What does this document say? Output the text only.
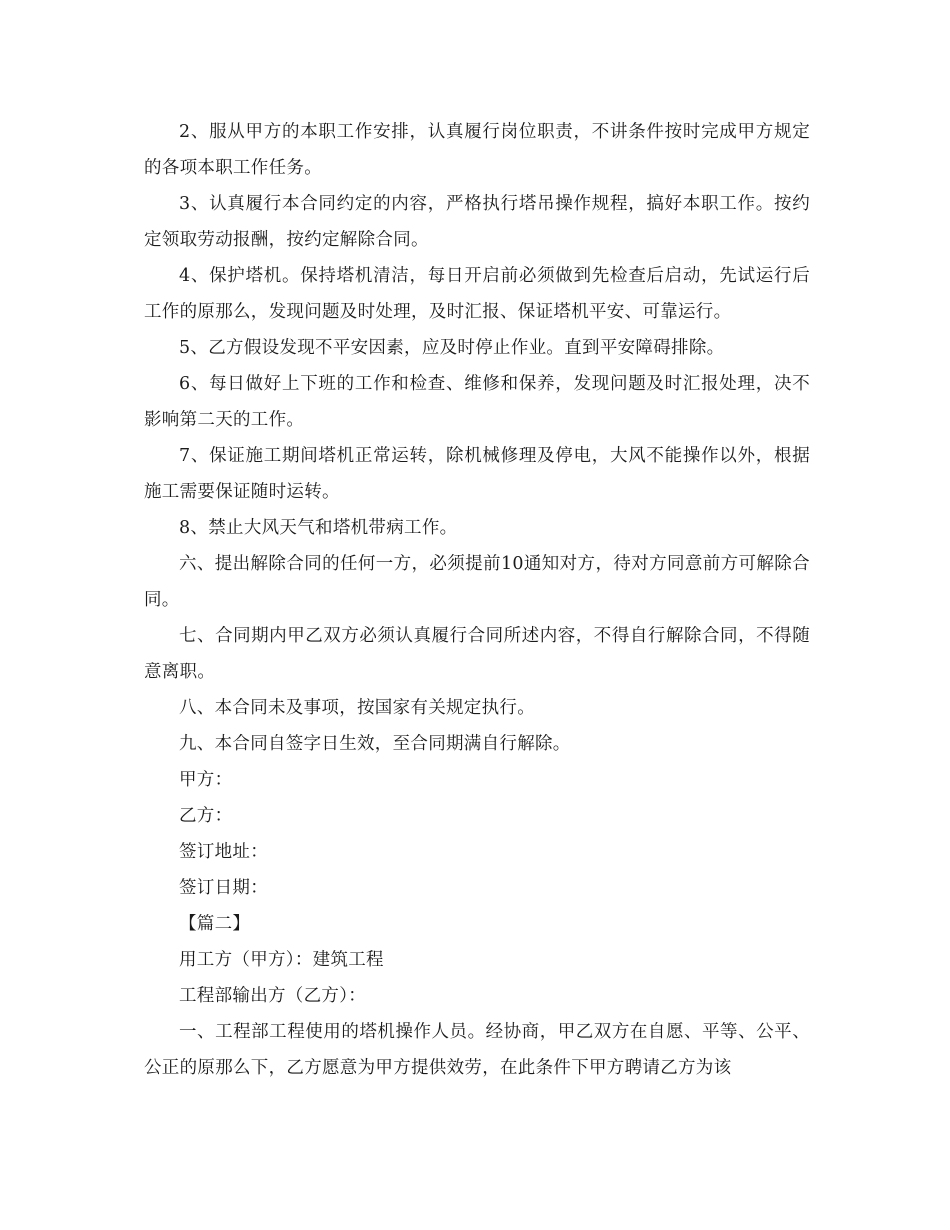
2、服从甲方的本职工作安排，认真履行岗位职责，不讲条件按时完成甲方规定的各项本职工作任务。

3、认真履行本合同约定的内容，严格执行塔吊操作规程，搞好本职工作。按约定领取劳动报酬，按约定解除合同。

4、保护塔机。保持塔机清洁，每日开启前必须做到先检查后启动，先试运行后工作的原那么，发现问题及时处理，及时汇报、保证塔机平安、可靠运行。

5、乙方假设发现不平安因素，应及时停止作业。直到平安障碍排除。

6、每日做好上下班的工作和检查、维修和保养，发现问题及时汇报处理，决不影响第二天的工作。

7、保证施工期间塔机正常运转，除机械修理及停电，大风不能操作以外，根据施工需要保证随时运转。

8、禁止大风天气和塔机带病工作。

六、提出解除合同的任何一方，必须提前10通知对方，待对方同意前方可解除合同。

七、合同期内甲乙双方必须认真履行合同所述内容，不得自行解除合同，不得随意离职。

八、本合同未及事项，按国家有关规定执行。

九、本合同自签字日生效，至合同期满自行解除。

甲方：

乙方：

签订地址：

签订日期：

【篇二】

用工方（甲方）：建筑工程

工程部输出方（乙方）：

一、工程部工程使用的塔机操作人员。经协商，甲乙双方在自愿、平等、公平、公正的原那么下，乙方愿意为甲方提供效劳，在此条件下甲方聘请乙方为该
